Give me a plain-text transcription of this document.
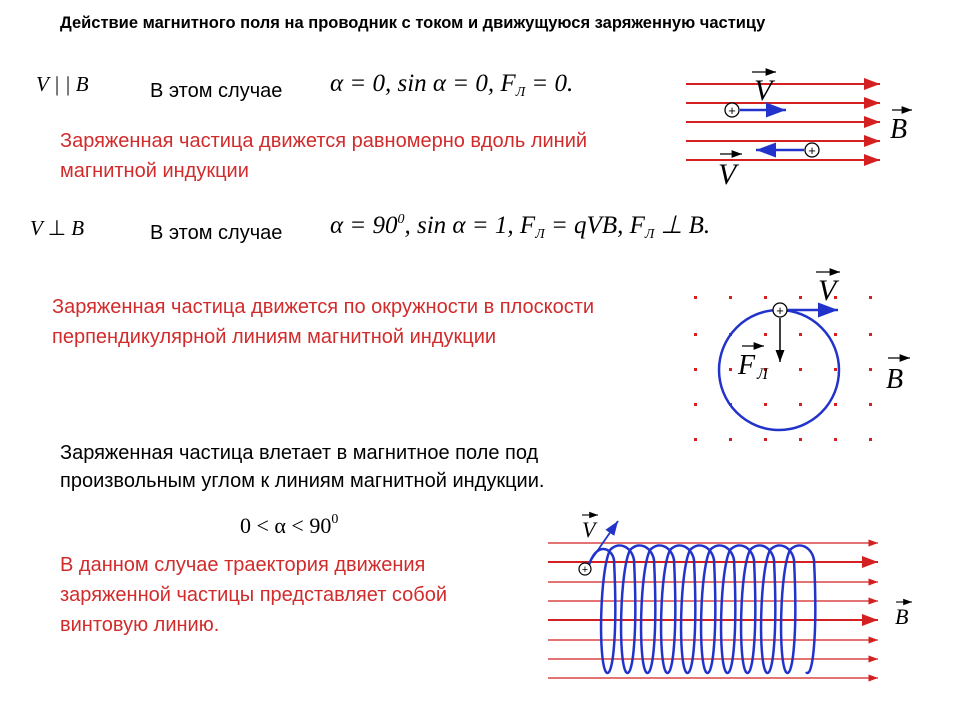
Действие магнитного поля на проводник с током и движущуюся заряженную частицу
V | | B	В этом случае α = 0, sin α = 0, $F_Л = 0$.
Заряженная частица движется равномерно вдоль линий
магнитной индукции
V ⊥ B	В этом случае $\alpha = 90^0$, sin α = 1, $F_Л$ = qVB, $F_Л$ ⊥ B.
Заряженная частица движется по окружности в плоскости
перпендикулярной линиям магнитной индукции
Заряженная частица влетает в магнитное поле под
произвольным углом к линиям магнитной индукции.
$0 < \alpha < 90^0$
В данном случае траектория движения
заряженной частицы представляет собой
винтовую линию.
+
+
V
V
B
+
V
F Л	B
+
V
B
